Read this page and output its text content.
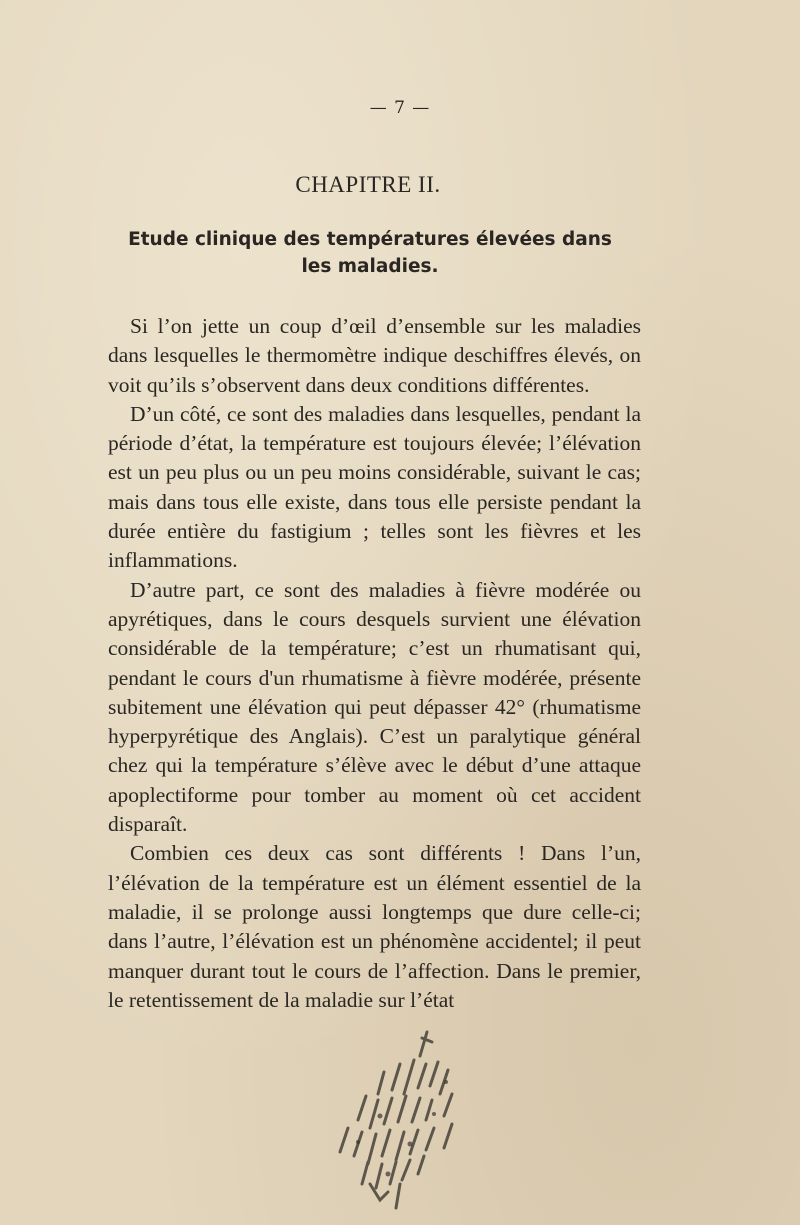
— 7 —
CHAPITRE II.
Etude clinique des températures élevées dans les maladies.

Si l’on jette un coup d’œil d’ensemble sur les maladies dans lesquelles le thermomètre indique deschiffres élevés, on voit qu’ils s’observent dans deux conditions différentes.

D’un côté, ce sont des maladies dans lesquelles, pendant la période d’état, la température est toujours élevée; l’élévation est un peu plus ou un peu moins considérable, suivant le cas; mais dans tous elle existe, dans tous elle persiste pendant la durée entière du fastigium ; telles sont les fièvres et les inflammations.

D’autre part, ce sont des maladies à fièvre modérée ou apyrétiques, dans le cours desquels survient une élévation considérable de la température; c’est un rhumatisant qui, pendant le cours d'un rhumatisme à fièvre modérée, présente subitement une élévation qui peut dépasser 42° (rhumatisme hyperpyrétique des Anglais). C’est un paralytique général chez qui la température s’élève avec le début d’une attaque apoplectiforme pour tomber au moment où cet accident disparaît.

Combien ces deux cas sont différents ! Dans l’un, l’élévation de la température est un élément essentiel de la maladie, il se prolonge aussi longtemps que dure celle-ci; dans l’autre, l’élévation est un phénomène accidentel; il peut manquer durant tout le cours de l’affection. Dans le premier, le retentissement de la maladie sur l’état
